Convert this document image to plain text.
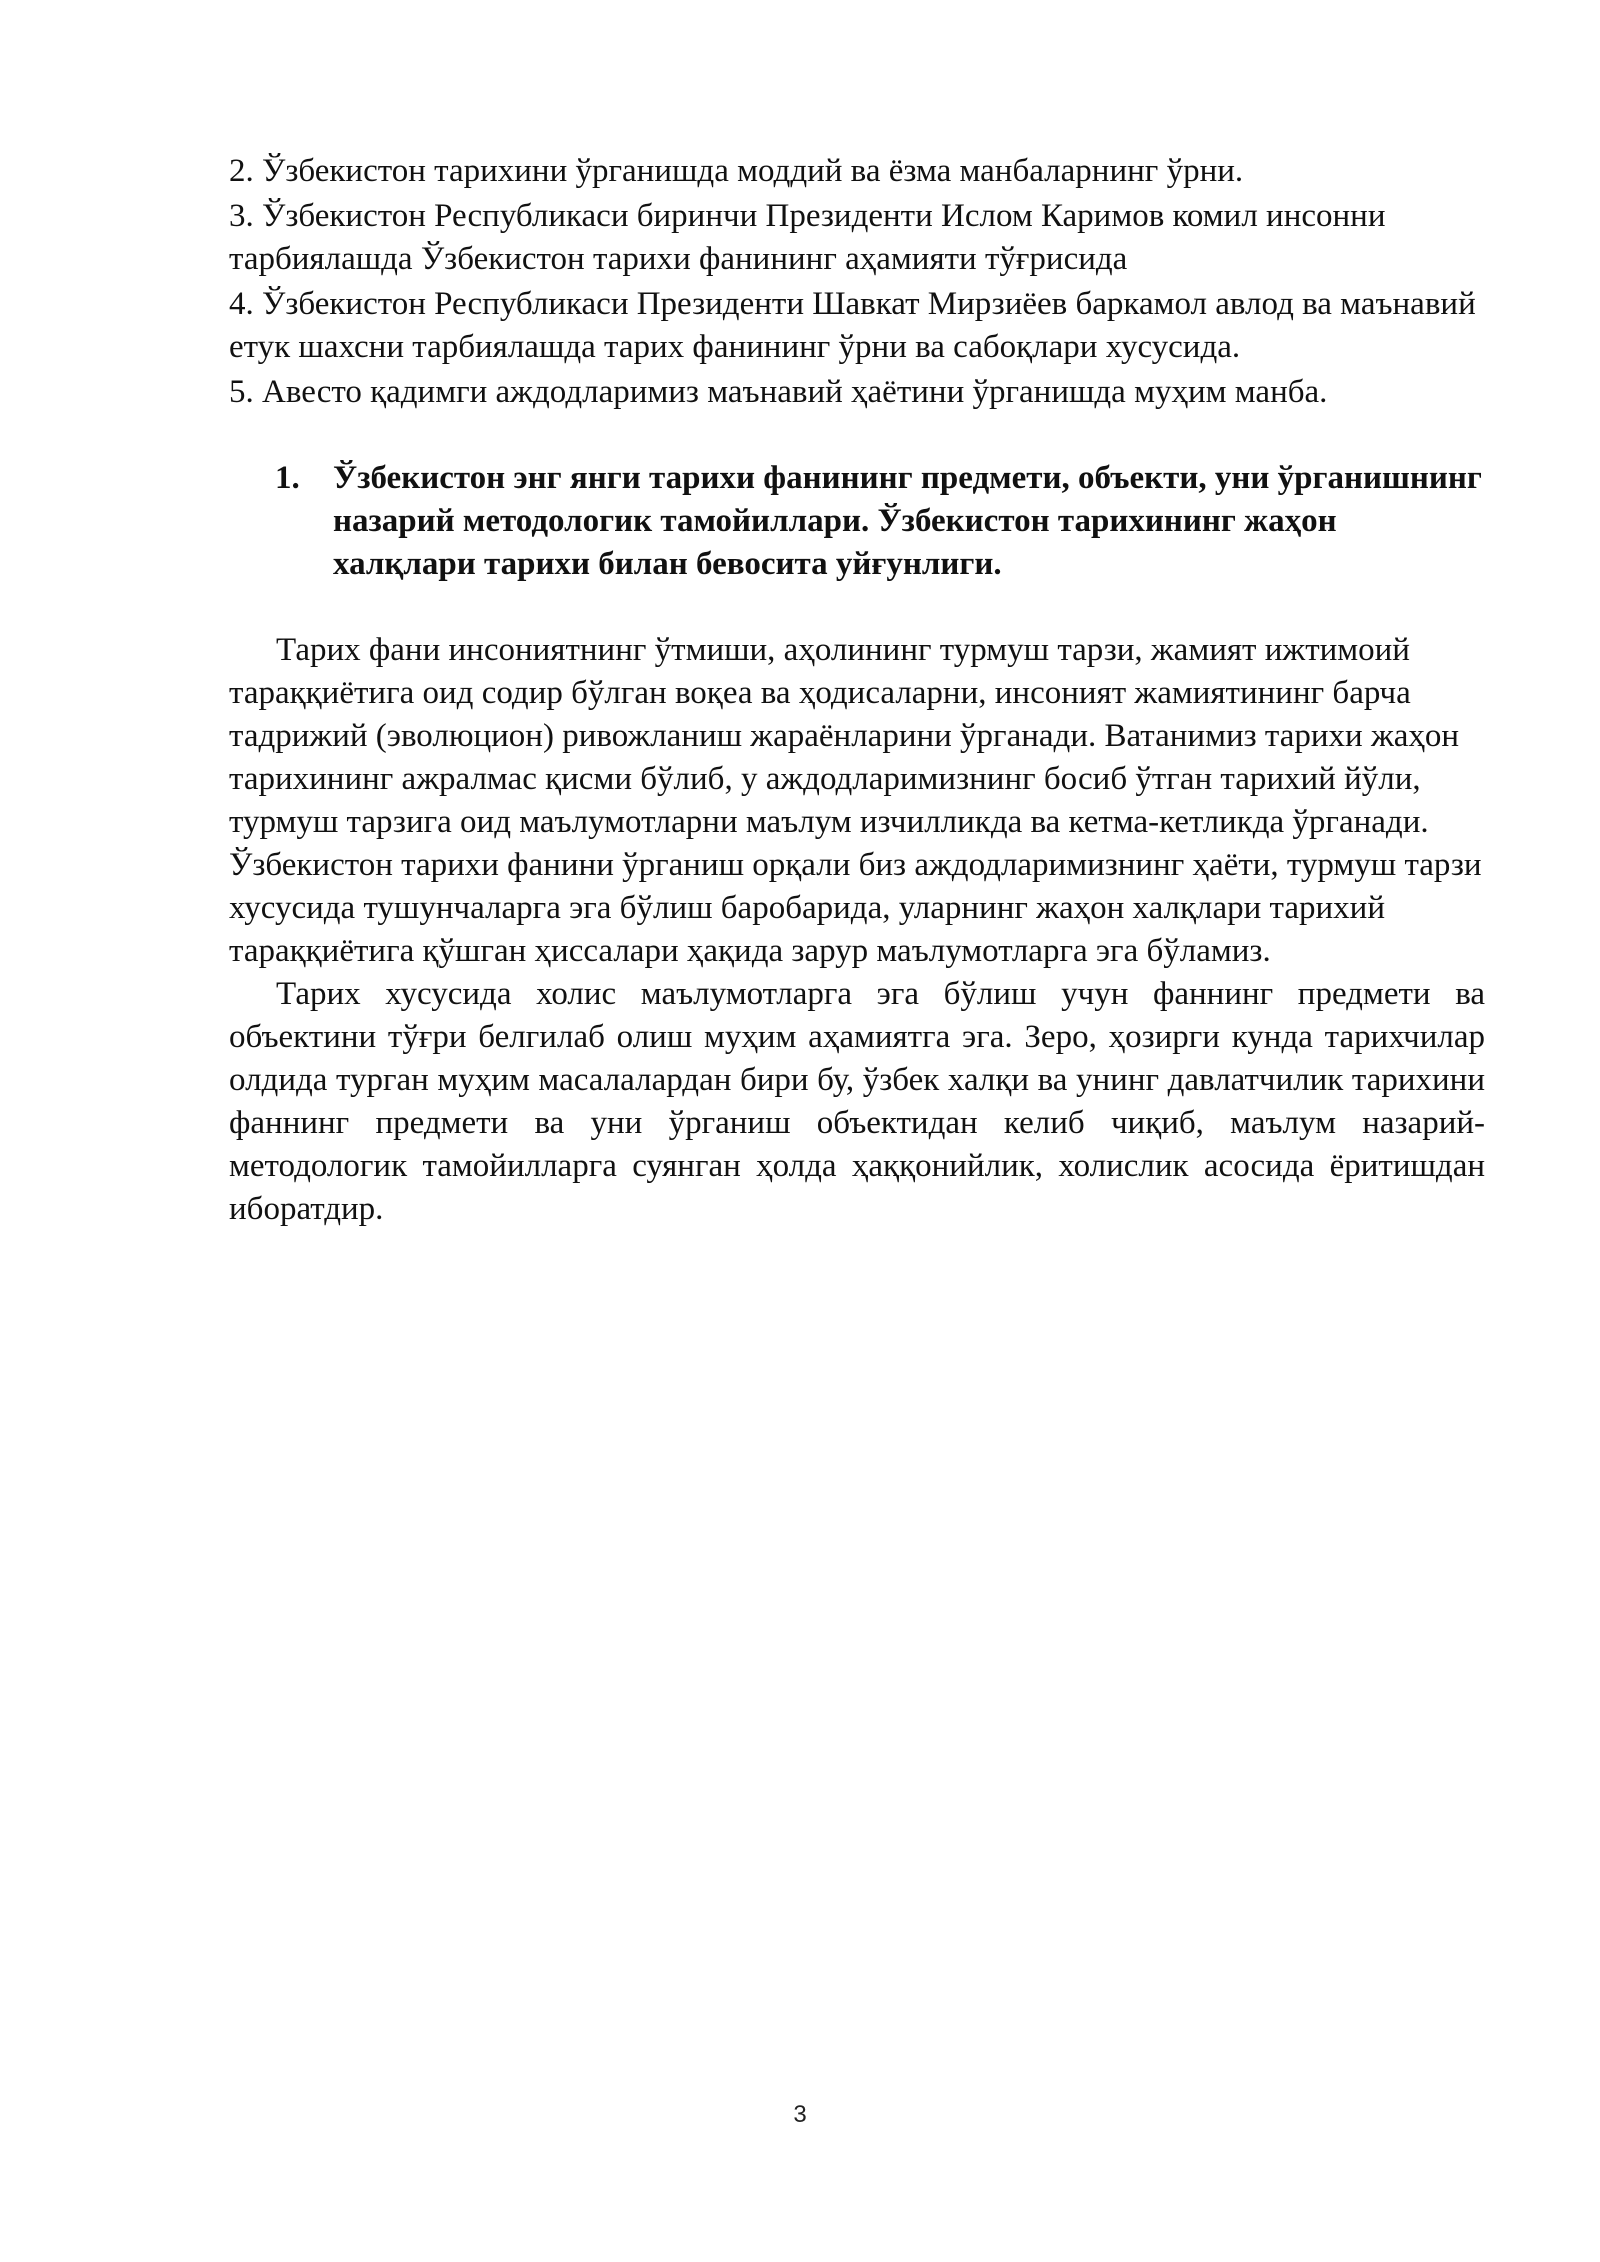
2. Ўзбекистон тарихини ўрганишда моддий ва ёзма манбаларнинг ўрни.
3. Ўзбекистон Республикаси биринчи Президенти Ислом Каримов комил инсонни тарбиялашда Ўзбекистон тарихи фанининг аҳамияти тўғрисида
4. Ўзбекистон Республикаси Президенти Шавкат Мирзиёев баркамол авлод ва маънавий етук шахсни тарбиялашда тарих фанининг ўрни ва сабоқлари хусусида.
5. Авесто қадимги аждодларимиз маънавий ҳаётини ўрганишда муҳим манба.
1. Ўзбекистон энг янги тарихи фанининг предмети, объекти, уни ўрганишнинг назарий методологик тамойиллари. Ўзбекистон тарихининг жаҳон халқлари тарихи билан бевосита уйғунлиги.

Тарих фани инсониятнинг ўтмиши, аҳолининг турмуш тарзи, жамият ижтимоий тараққиётига оид содир бўлган воқеа ва ҳодисаларни, инсоният жамиятининг барча тадрижий (эволюцион) ривожланиш жараёнларини ўрганади. Ватанимиз тарихи жаҳон тарихининг ажралмас қисми бўлиб, у аждодларимизнинг босиб ўтган тарихий йўли, турмуш тарзига оид маълумотларни маълум изчилликда ва кетма-кетликда ўрганади. Ўзбекистон тарихи фанини ўрганиш орқали биз аждодларимизнинг ҳаёти, турмуш тарзи хусусида тушунчаларга эга бўлиш баробарида, уларнинг жаҳон халқлари тарихий тараққиётига қўшган ҳиссалари ҳақида зарур маълумотларга эга бўламиз.

Тарих хусусида холис маълумотларга эга бўлиш учун фаннинг предмети ва объектини тўғри белгилаб олиш муҳим аҳамиятга эга. Зеро, ҳозирги кунда тарихчилар олдида турган муҳим масалалардан бири бу, ўзбек халқи ва унинг давлатчилик тарихини фаннинг предмети ва уни ўрганиш объектидан келиб чиқиб, маълум назарий-методологик тамойилларга суянган ҳолда ҳаққонийлик, холислик асосида ёритишдан иборатдир.

3
